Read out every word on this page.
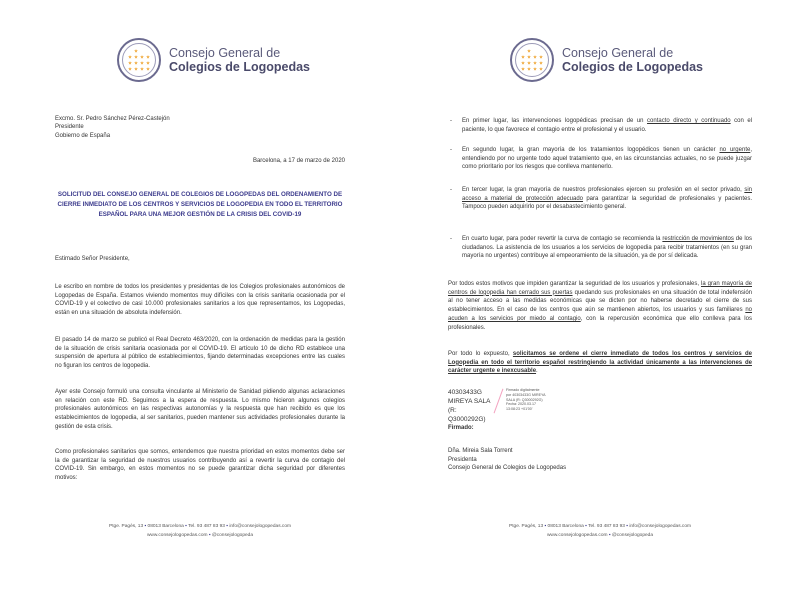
Consejo General de
Colegios de Logopedas
Excmo. Sr. Pedro Sánchez Pérez-Castejón
Presidente
Gobierno de España
Barcelona, a 17 de marzo de 2020
SOLICITUD DEL CONSEJO GENERAL DE COLEGIOS DE LOGOPEDAS DEL ORDENAMIENTO DE CIERRE INMEDIATO DE LOS CENTROS Y SERVICIOS DE LOGOPEDIA EN TODO EL TERRITORIO ESPAÑOL PARA UNA MEJOR GESTIÓN DE LA CRISIS DEL COVID-19
Estimado Señor Presidente,
Le escribo en nombre de todos los presidentes y presidentas de los Colegios profesionales autonómicos de Logopedas de España. Estamos viviendo momentos muy difíciles con la crisis sanitaria ocasionada por el COVID-19 y el colectivo de casi 10.000 profesionales sanitarios a los que representamos, los Logopedas, están en una situación de absoluta indefensión.
El pasado 14 de marzo se publicó el Real Decreto 463/2020, con la ordenación de medidas para la gestión de la situación de crisis sanitaria ocasionada por el COVID-19. El artículo 10 de dicho RD establece una suspensión de apertura al público de establecimientos, fijando determinadas excepciones entre las cuales no figuran los centros de logopedia.
Ayer este Consejo formuló una consulta vinculante al Ministerio de Sanidad pidiendo algunas aclaraciones en relación con este RD. Seguimos a la espera de respuesta. Lo mismo hicieron algunos colegios profesionales autonómicos en las respectivas autonomías y la respuesta que han recibido es que los establecimientos de logopedia, al ser sanitarios, pueden mantener sus actividades profesionales durante la gestión de esta crisis.
Como profesionales sanitarios que somos, entendemos que nuestra prioridad en estos momentos debe ser la de garantizar la seguridad de nuestros usuarios contribuyendo así a revertir la curva de contagio del COVID-19. Sin embargo, en estos momentos no se puede garantizar dicha seguridad por diferentes motivos:
Ptge. Pagès, 13 ▪ 08013 Barcelona ▪ Tel. 93 487 83 93 ▪ info@consejologopedas.com
www.consejologopedas.com ▪ @consejologopeda
Consejo General de
Colegios de Logopedas
- En primer lugar, las intervenciones logopédicas precisan de un contacto directo y continuado con el paciente, lo que favorece el contagio entre el profesional y el usuario.
- En segundo lugar, la gran mayoría de los tratamientos logopédicos tienen un carácter no urgente, entendiendo por no urgente todo aquel tratamiento que, en las circunstancias actuales, no se puede juzgar como prioritario por los riesgos que conlleva mantenerlo.
- En tercer lugar, la gran mayoría de nuestros profesionales ejercen su profesión en el sector privado, sin acceso a material de protección adecuado para garantizar la seguridad de profesionales y pacientes. Tampoco pueden adquirirlo por el desabastecimiento general.
- En cuarto lugar, para poder revertir la curva de contagio se recomienda la restricción de movimientos de los ciudadanos. La asistencia de los usuarios a los servicios de logopedia para recibir tratamientos (en su gran mayoría no urgentes) contribuye al empeoramiento de la situación, ya de por sí delicada.
Por todos estos motivos que impiden garantizar la seguridad de los usuarios y profesionales, la gran mayoría de centros de logopedia han cerrado sus puertas quedando sus profesionales en una situación de total indefensión al no tener acceso a las medidas económicas que se dicten por no haberse decretado el cierre de sus establecimientos. En el caso de los centros que aún se mantienen abiertos, los usuarios y sus familiares no acuden a los servicios por miedo al contagio, con la repercusión económica que ello conlleva para los profesionales.
Por todo lo expuesto, solicitamos se ordene el cierre inmediato de todos los centros y servicios de Logopedia en todo el territorio español restringiendo la actividad únicamente a las intervenciones de carácter urgente e inexcusable.
40303433G
MIREYA SALA
(R: Q3000292G)
Firmado digitalmente
por 40303433G MIREYA
SALA (R: Q3000292G)
Fecha: 2020.03.17
13:08:23 +01'00'
Firmado:
Dña. Mireia Sala Torrent
Presidenta
Consejo General de Colegios de Logopedas
Ptge. Pagès, 13 ▪ 08013 Barcelona ▪ Tel. 93 487 83 93 ▪ info@consejologopedas.com
www.consejologopedas.com ▪ @consejologopeda
